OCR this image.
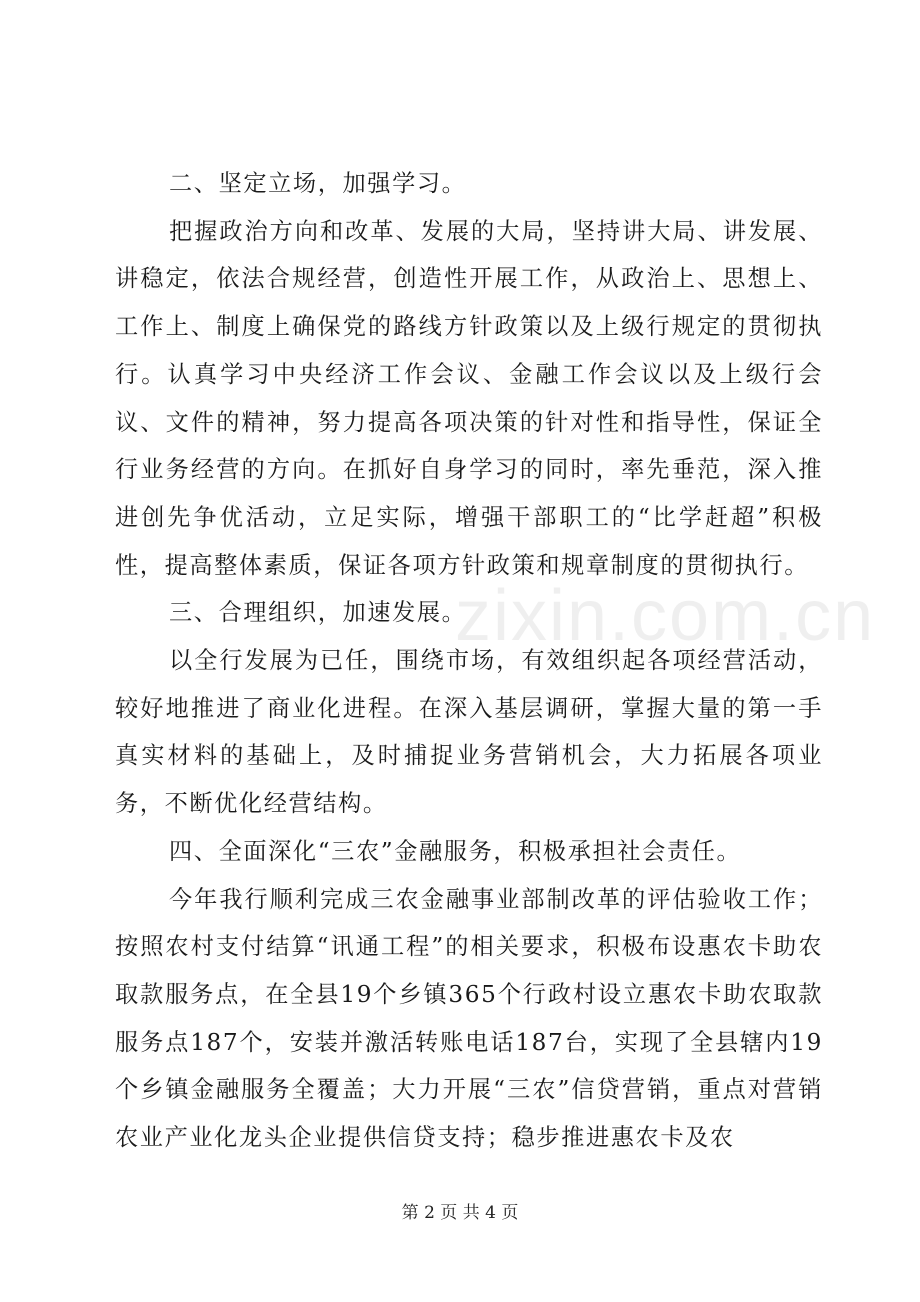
zixin.com.cn

二、坚定立场，加强学习。

把握政治方向和改革、发展的大局，坚持讲大局、讲发展、讲稳定，依法合规经营，创造性开展工作，从政治上、思想上、工作上、制度上确保党的路线方针政策以及上级行规定的贯彻执行。认真学习中央经济工作会议、金融工作会议以及上级行会议、文件的精神，努力提高各项决策的针对性和指导性，保证全行业务经营的方向。在抓好自身学习的同时，率先垂范，深入推进创先争优活动，立足实际，增强干部职工的“比学赶超”积极性，提高整体素质，保证各项方针政策和规章制度的贯彻执行。

三、合理组织，加速发展。

以全行发展为已任，围绕市场，有效组织起各项经营活动，较好地推进了商业化进程。在深入基层调研，掌握大量的第一手真实材料的基础上，及时捕捉业务营销机会，大力拓展各项业务，不断优化经营结构。

四、全面深化“三农”金融服务，积极承担社会责任。

今年我行顺利完成三农金融事业部制改革的评估验收工作；按照农村支付结算“讯通工程”的相关要求，积极布设惠农卡助农取款服务点，在全县19个乡镇365个行政村设立惠农卡助农取款服务点187个，安装并激活转账电话187台，实现了全县辖内19个乡镇金融服务全覆盖；大力开展“三农”信贷营销，重点对营销农业产业化龙头企业提供信贷支持；稳步推进惠农卡及农

第 2 页 共 4 页
